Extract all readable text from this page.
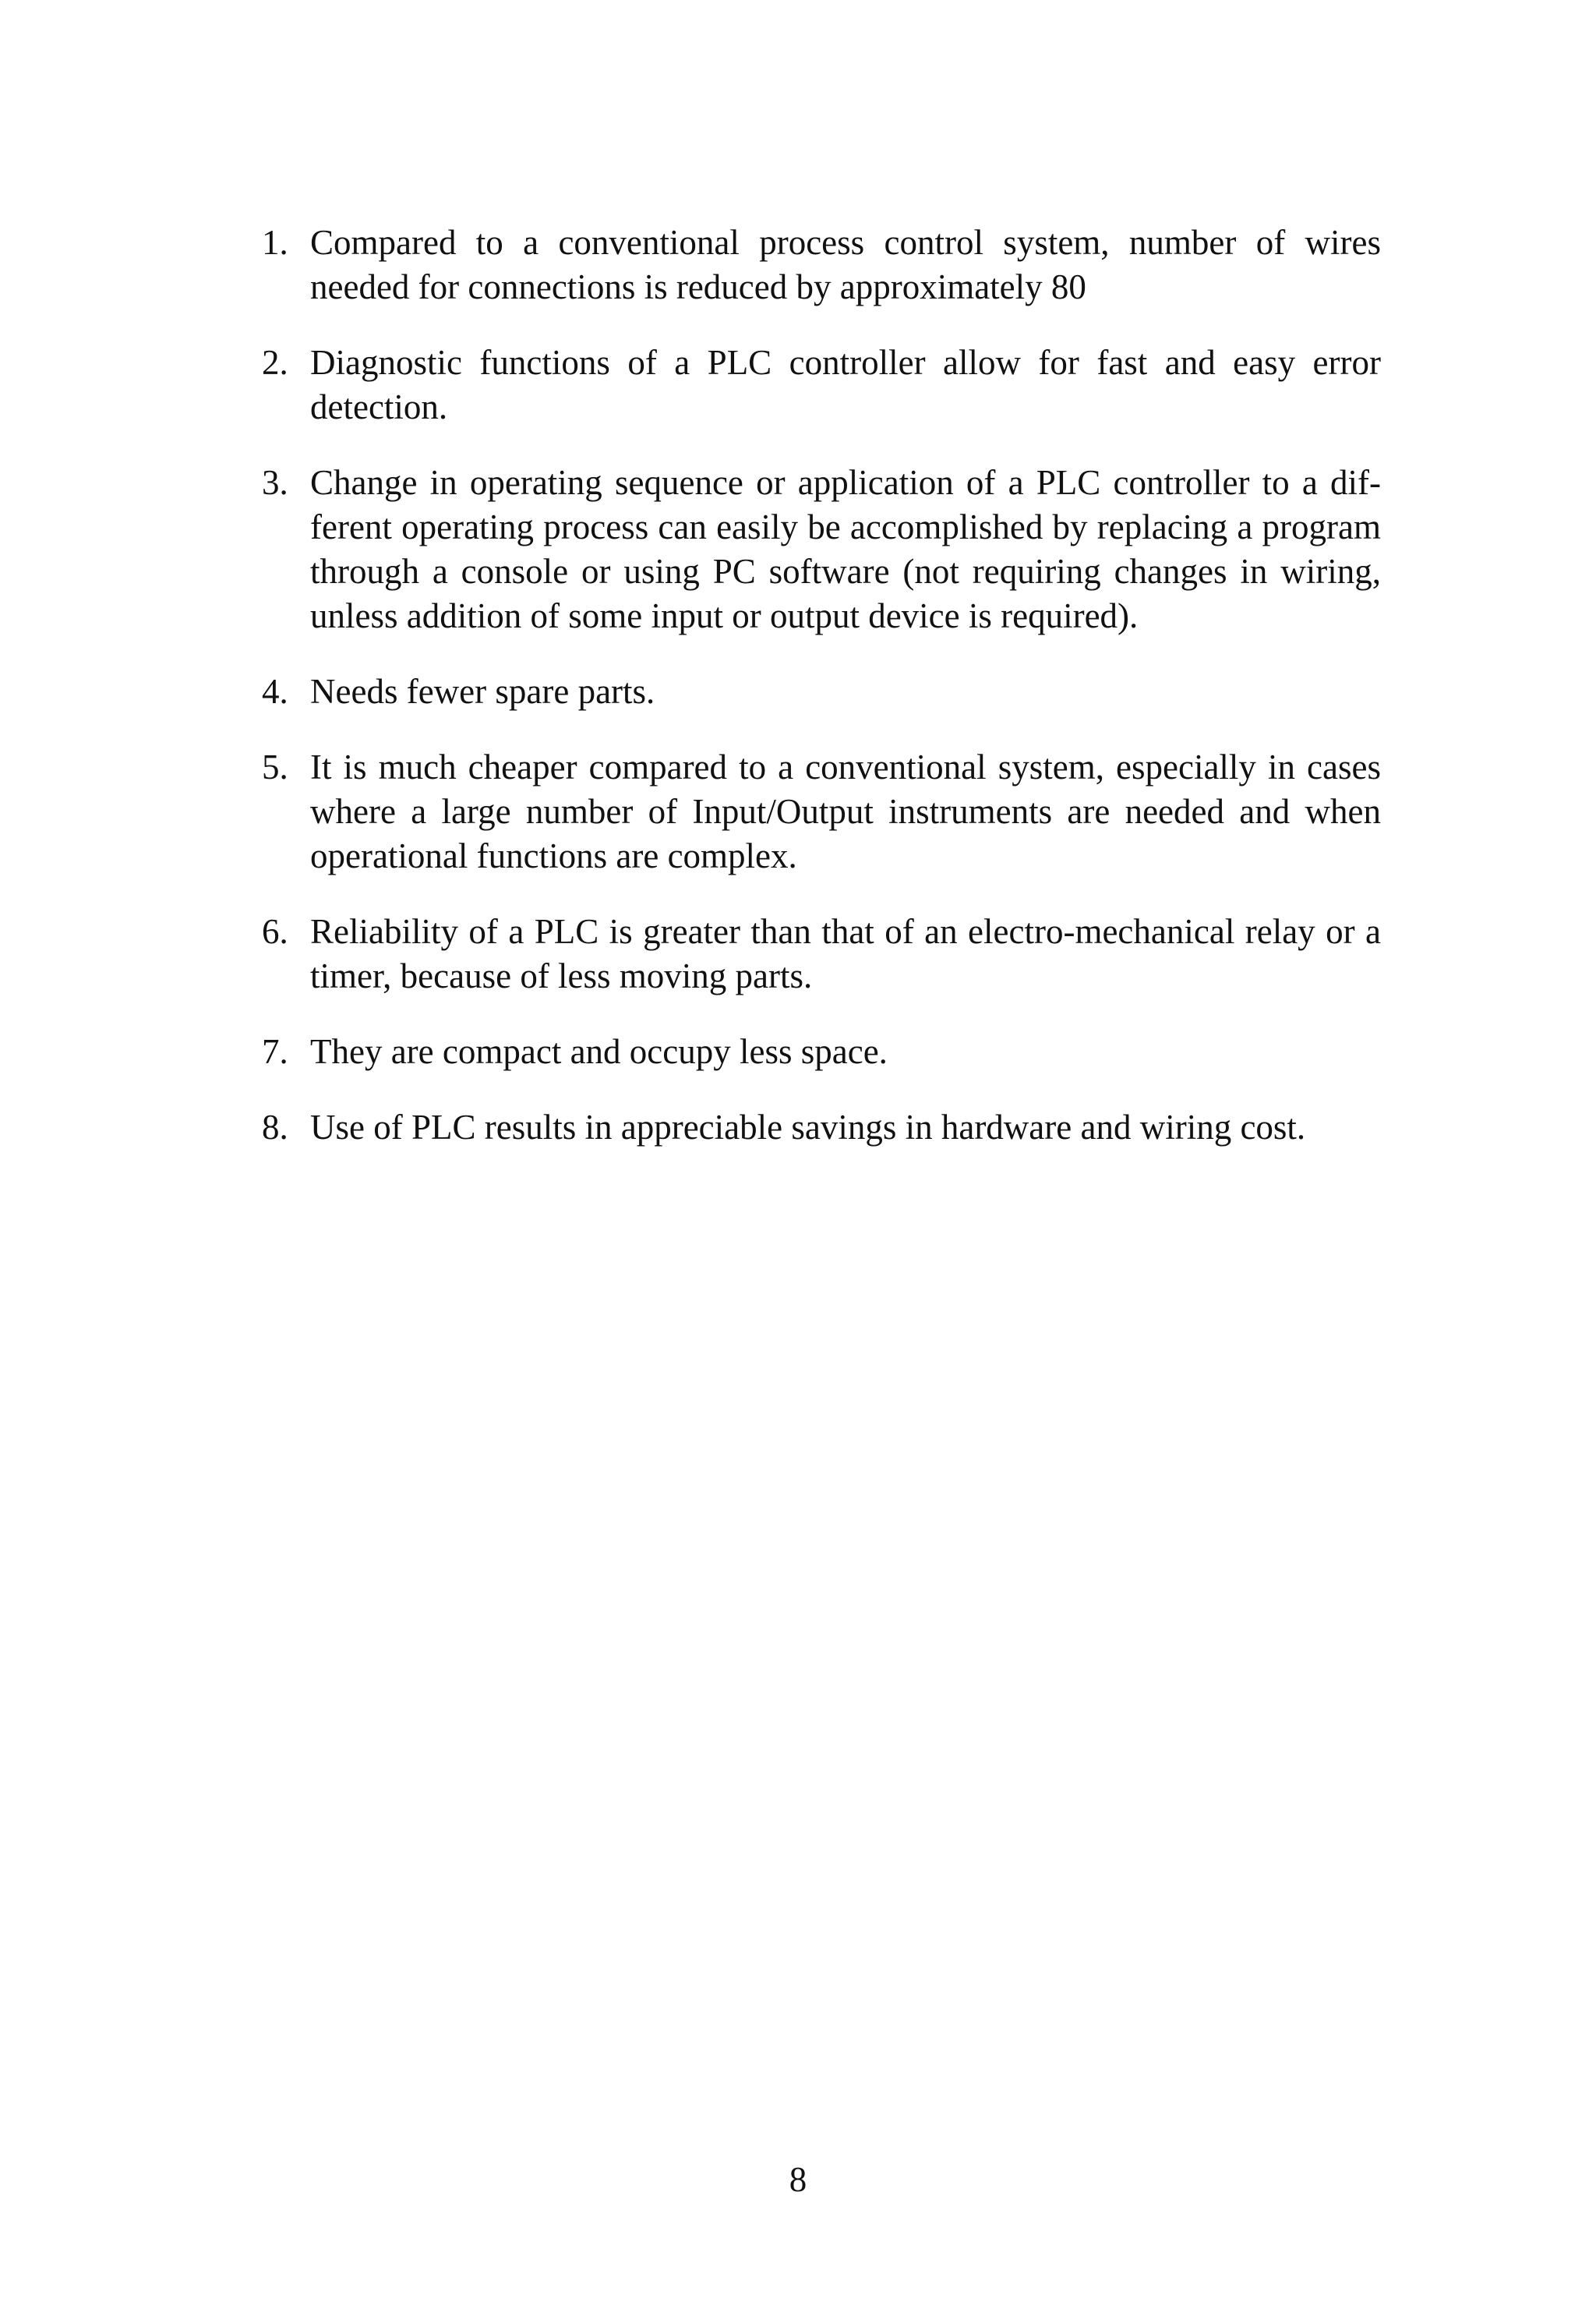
1. Compared to a conventional process control system, number of wires needed for connections is reduced by approximately 80
2. Diagnostic functions of a PLC controller allow for fast and easy error detection.
3. Change in operating sequence or application of a PLC controller to a different operating process can easily be accomplished by replacing a program through a console or using PC software (not requiring changes in wiring, unless addition of some input or output device is required).
4. Needs fewer spare parts.
5. It is much cheaper compared to a conventional system, especially in cases where a large number of Input/Output instruments are needed and when operational functions are complex.
6. Reliability of a PLC is greater than that of an electro-mechanical relay or a timer, because of less moving parts.
7. They are compact and occupy less space.
8. Use of PLC results in appreciable savings in hardware and wiring cost.
8
